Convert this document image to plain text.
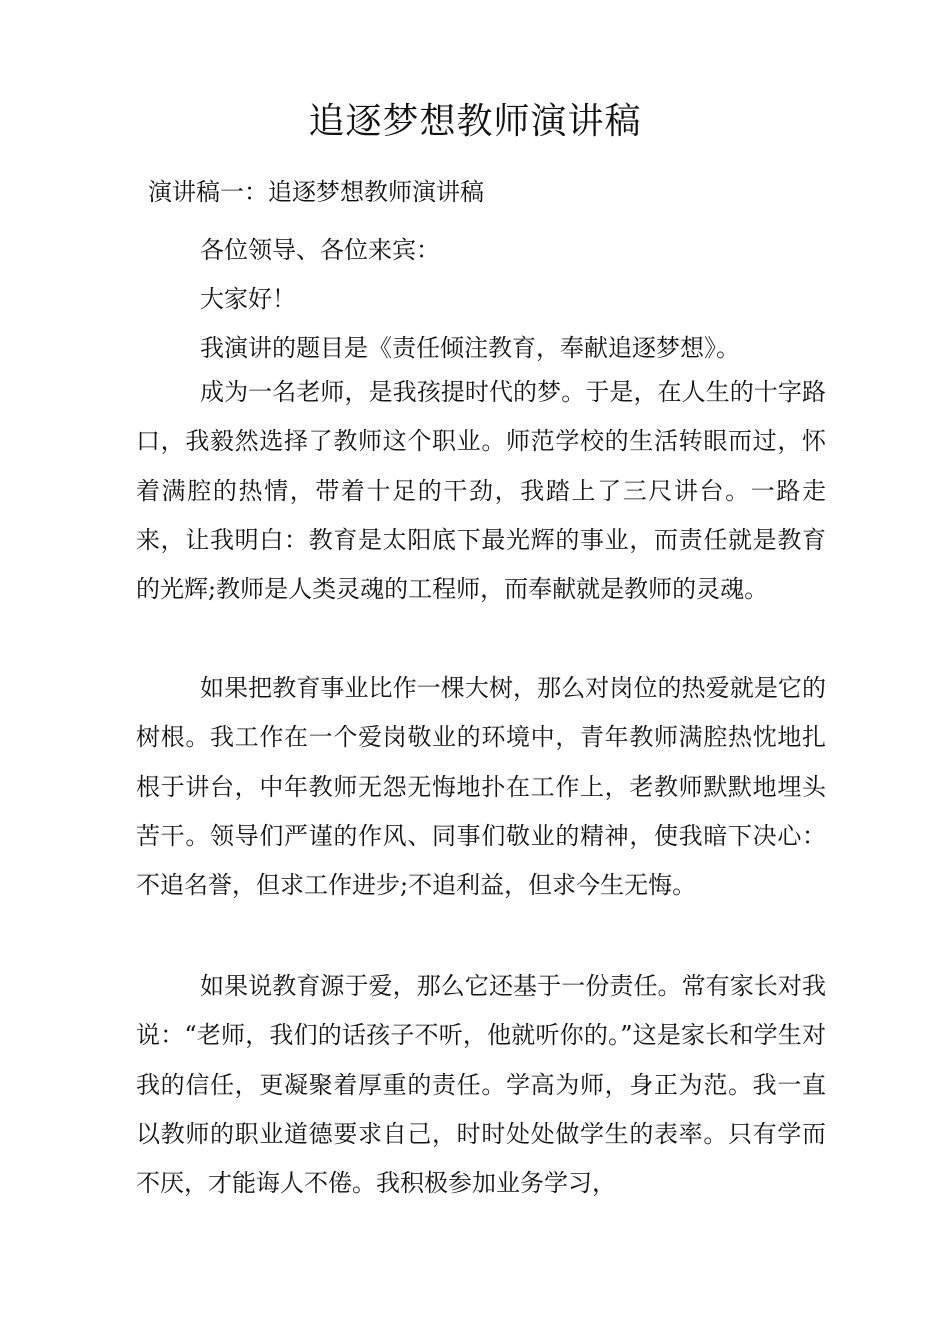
追逐梦想教师演讲稿
演讲稿一：追逐梦想教师演讲稿

各位领导、各位来宾：

大家好！

我演讲的题目是《责任倾注教育，奉献追逐梦想》。

成为一名老师，是我孩提时代的梦。于是，在人生的十字路口，我毅然选择了教师这个职业。师范学校的生活转眼而过，怀着满腔的热情，带着十足的干劲，我踏上了三尺讲台。一路走来，让我明白：教育是太阳底下最光辉的事业，而责任就是教育的光辉;教师是人类灵魂的工程师，而奉献就是教师的灵魂。

如果把教育事业比作一棵大树，那么对岗位的热爱就是它的树根。我工作在一个爱岗敬业的环境中，青年教师满腔热忱地扎根于讲台，中年教师无怨无悔地扑在工作上，老教师默默地埋头苦干。领导们严谨的作风、同事们敬业的精神，使我暗下决心：不追名誉，但求工作进步;不追利益，但求今生无悔。

如果说教育源于爱，那么它还基于一份责任。常有家长对我说：“老师，我们的话孩子不听，他就听你的。”这是家长和学生对我的信任，更凝聚着厚重的责任。学高为师，身正为范。我一直以教师的职业道德要求自己，时时处处做学生的表率。只有学而不厌，才能诲人不倦。我积极参加业务学习，
